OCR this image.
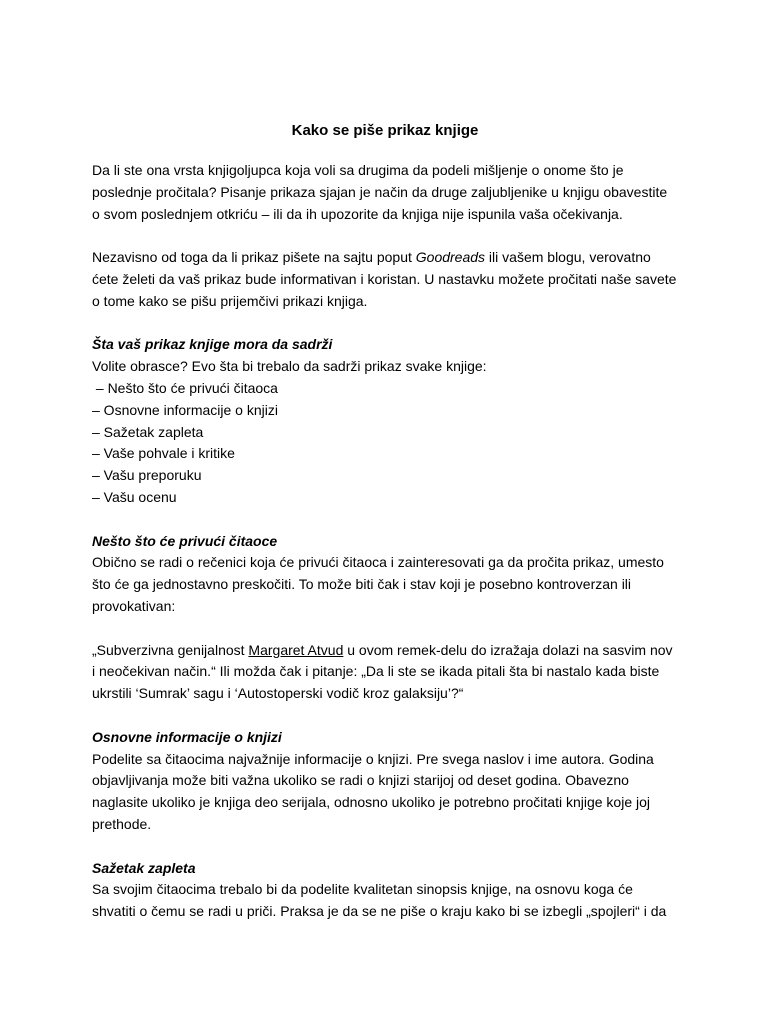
Kako se piše prikaz knjige

Da li ste ona vrsta knjigoljupca koja voli sa drugima da podeli mišljenje o onome što je poslednje pročitala? Pisanje prikaza sjajan je način da druge zaljubljenike u knjigu obavestite o svom poslednjem otkriću – ili da ih upozorite da knjiga nije ispunila vaša očekivanja.

Nezavisno od toga da li prikaz pišete na sajtu poput Goodreads ili vašem blogu, verovatno ćete želeti da vaš prikaz bude informativan i koristan. U nastavku možete pročitati naše savete o tome kako se pišu prijemčivi prikazi knjiga.

Šta vaš prikaz knjige mora da sadrži

Volite obrasce? Evo šta bi trebalo da sadrži prikaz svake knjige:

– Nešto što će privući čitaoca
– Osnovne informacije o knjizi
– Sažetak zapleta
– Vaše pohvale i kritike
– Vašu preporuku
– Vašu ocenu
Nešto što će privući čitaoce

Obično se radi o rečenici koja će privući čitaoca i zainteresovati ga da pročita prikaz, umesto što će ga jednostavno preskočiti. To može biti čak i stav koji je posebno kontroverzan ili provokativan:

„Subverzivna genijalnost Margaret Atvud u ovom remek-delu do izražaja dolazi na sasvim nov i neočekivan način.“ Ili možda čak i pitanje: „Da li ste se ikada pitali šta bi nastalo kada biste ukrstili ‘Sumrak’ sagu i ‘Autostoperski vodič kroz galaksiju’?“

Osnovne informacije o knjizi

Podelite sa čitaocima najvažnije informacije o knjizi. Pre svega naslov i ime autora. Godina objavljivanja može biti važna ukoliko se radi o knjizi starijoj od deset godina. Obavezno naglasite ukoliko je knjiga deo serijala, odnosno ukoliko je potrebno pročitati knjige koje joj prethode.

Sažetak zapleta

Sa svojim čitaocima trebalo bi da podelite kvalitetan sinopsis knjige, na osnovu koga će shvatiti o čemu se radi u priči. Praksa je da se ne piše o kraju kako bi se izbegli „spojleri“ i da
